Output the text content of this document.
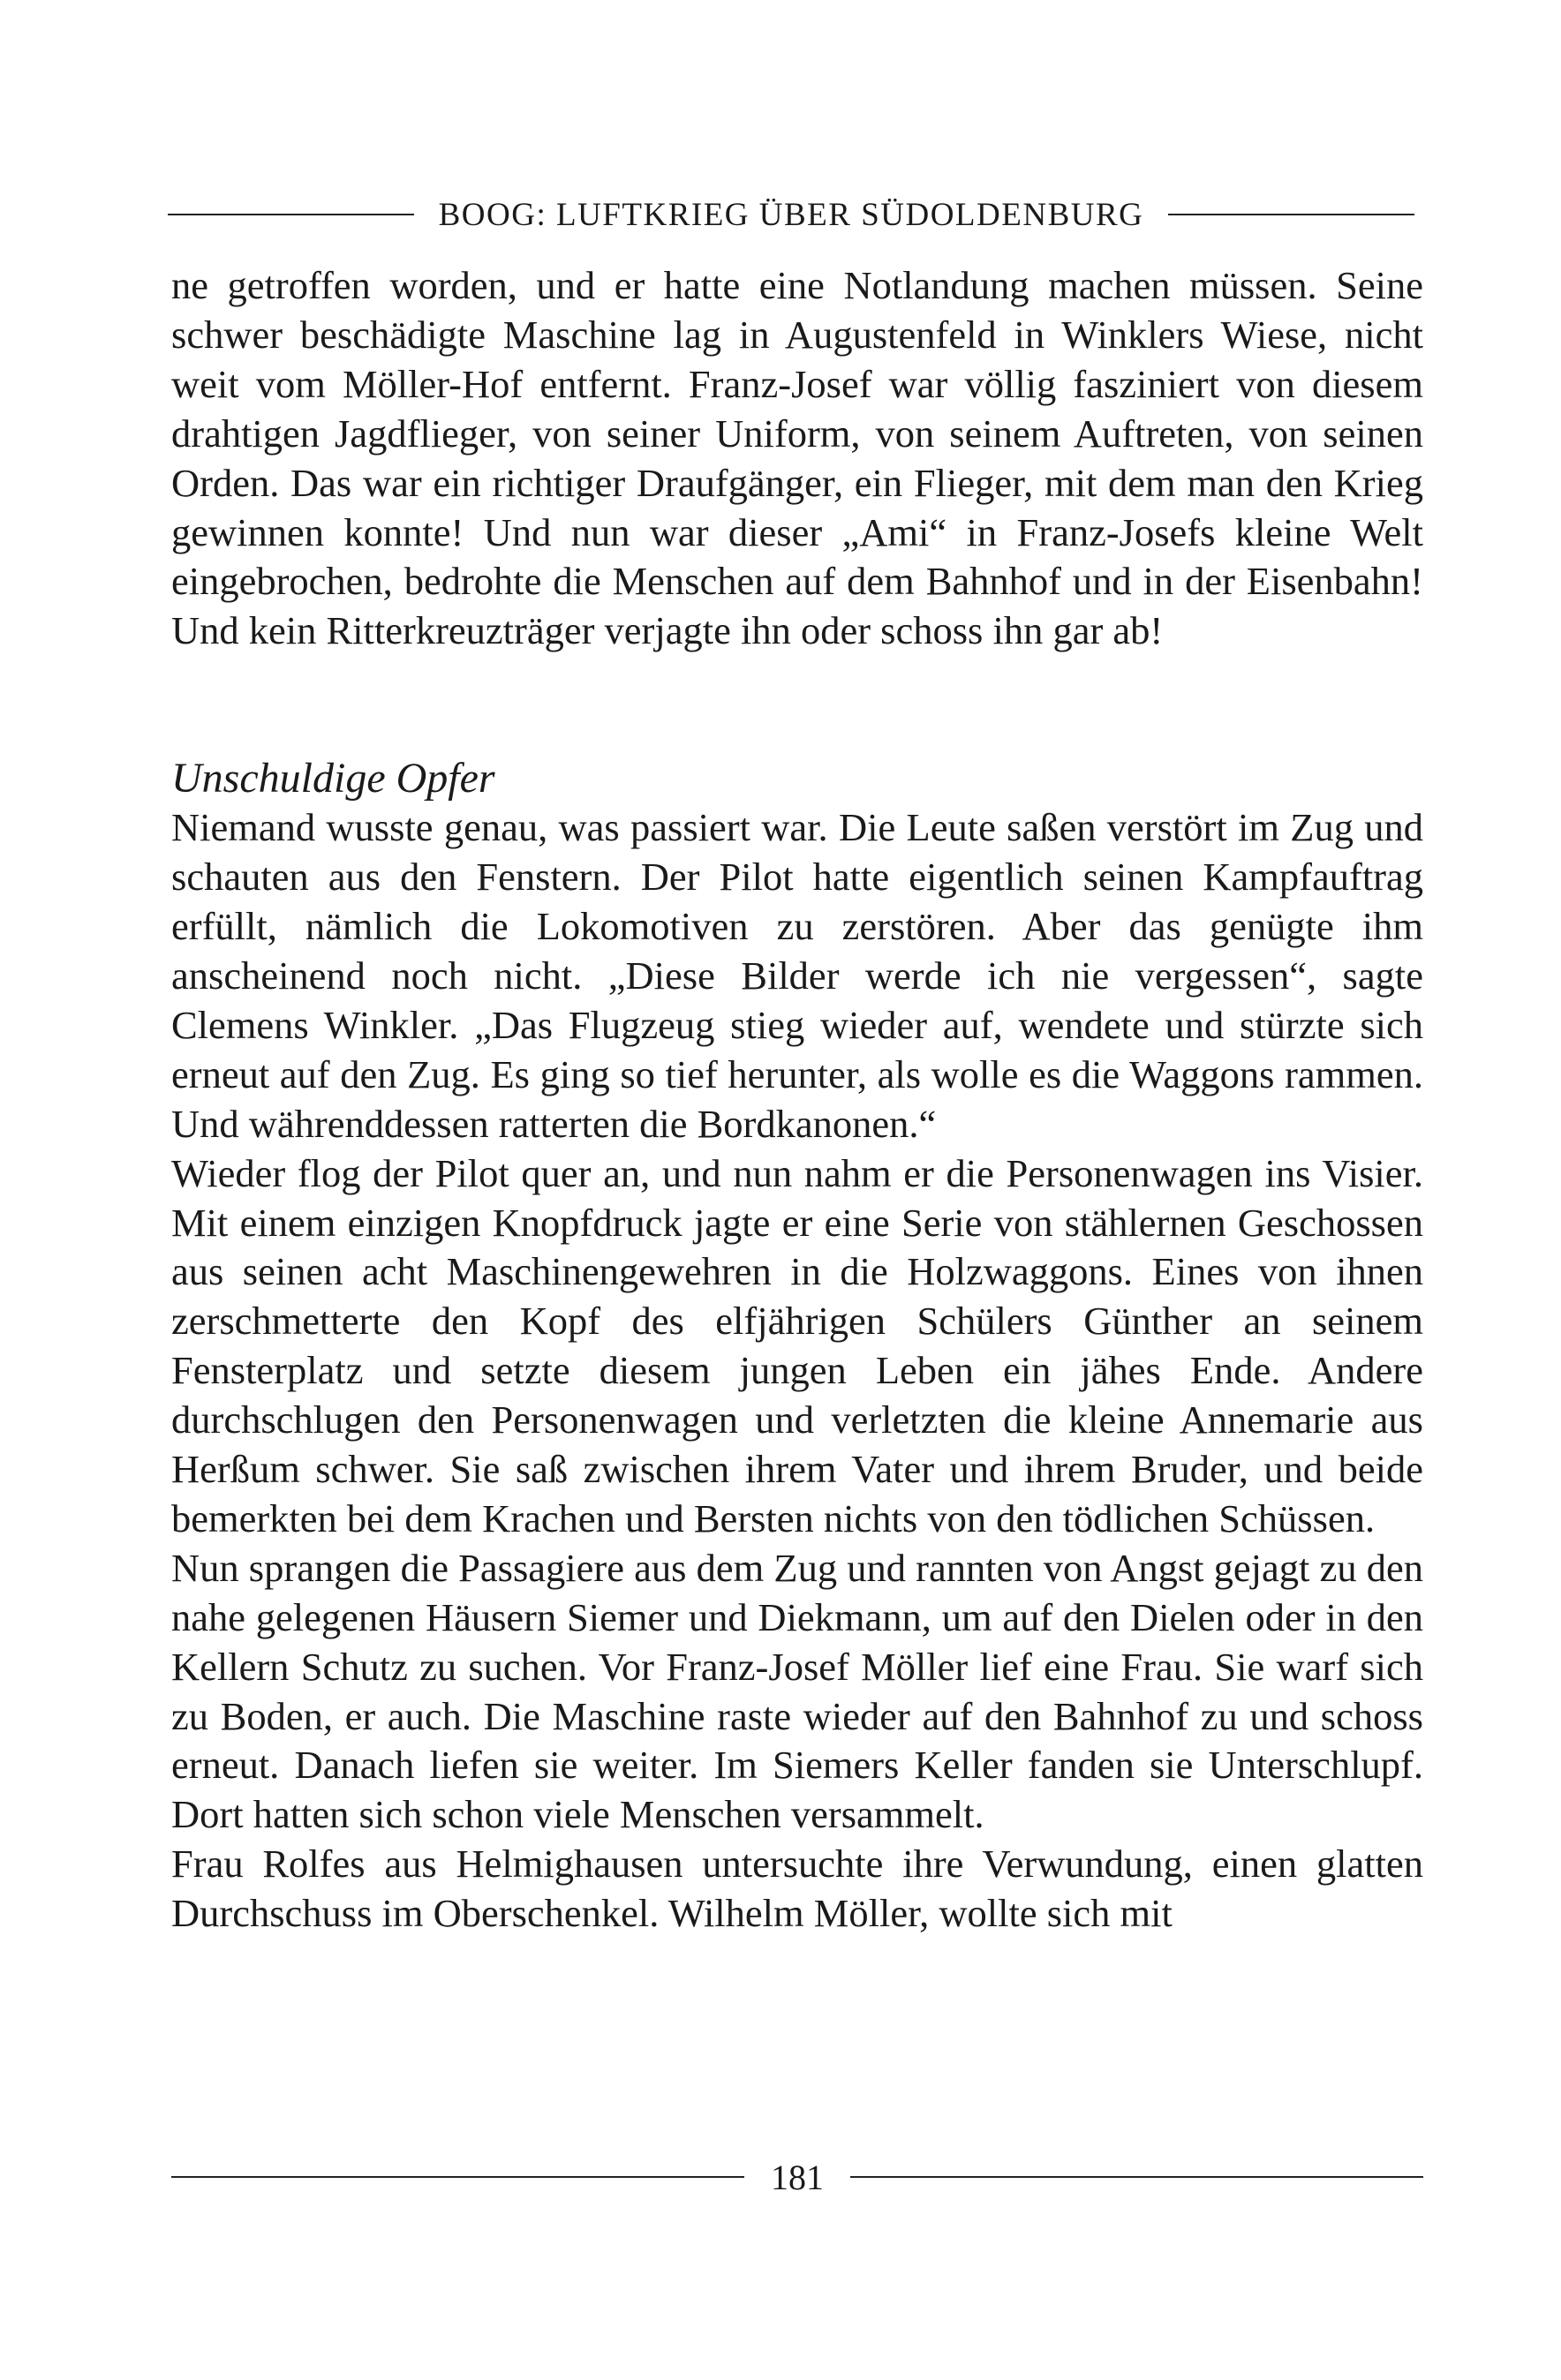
BOOG: LUFTKRIEG ÜBER SÜDOLDENBURG

ne getroffen worden, und er hatte eine Notlandung machen müssen. Seine schwer beschädigte Maschine lag in Augustenfeld in Winklers Wiese, nicht weit vom Möller-Hof entfernt. Franz-Josef war völlig fasziniert von diesem drahtigen Jagdflieger, von seiner Uniform, von seinem Auftreten, von seinen Orden. Das war ein richtiger Draufgänger, ein Flieger, mit dem man den Krieg gewinnen konnte! Und nun war dieser „Ami“ in Franz-Josefs kleine Welt eingebrochen, bedrohte die Menschen auf dem Bahnhof und in der Eisenbahn! Und kein Ritterkreuzträger verjagte ihn oder schoss ihn gar ab!

Unschuldige Opfer

Niemand wusste genau, was passiert war. Die Leute saßen verstört im Zug und schauten aus den Fenstern. Der Pilot hatte eigentlich seinen Kampfauftrag erfüllt, nämlich die Lokomotiven zu zerstören. Aber das genügte ihm anscheinend noch nicht. „Diese Bilder werde ich nie vergessen“, sagte Clemens Winkler. „Das Flugzeug stieg wieder auf, wendete und stürzte sich erneut auf den Zug. Es ging so tief herunter, als wolle es die Waggons rammen. Und währenddessen ratterten die Bordkanonen.“

Wieder flog der Pilot quer an, und nun nahm er die Personenwagen ins Visier. Mit einem einzigen Knopfdruck jagte er eine Serie von stählernen Geschossen aus seinen acht Maschinengewehren in die Holzwaggons. Eines von ihnen zerschmetterte den Kopf des elfjährigen Schülers Günther an seinem Fensterplatz und setzte diesem jungen Leben ein jähes Ende. Andere durchschlugen den Personenwagen und verletzten die kleine Annemarie aus Herßum schwer. Sie saß zwischen ihrem Vater und ihrem Bruder, und beide bemerkten bei dem Krachen und Bersten nichts von den tödlichen Schüssen.

Nun sprangen die Passagiere aus dem Zug und rannten von Angst gejagt zu den nahe gelegenen Häusern Siemer und Diekmann, um auf den Dielen oder in den Kellern Schutz zu suchen. Vor Franz-Josef Möller lief eine Frau. Sie warf sich zu Boden, er auch. Die Maschine raste wieder auf den Bahnhof zu und schoss erneut. Danach liefen sie weiter. Im Siemers Keller fanden sie Unterschlupf. Dort hatten sich schon viele Menschen versammelt.

Frau Rolfes aus Helmighausen untersuchte ihre Verwundung, einen glatten Durchschuss im Oberschenkel. Wilhelm Möller, wollte sich mit

181
